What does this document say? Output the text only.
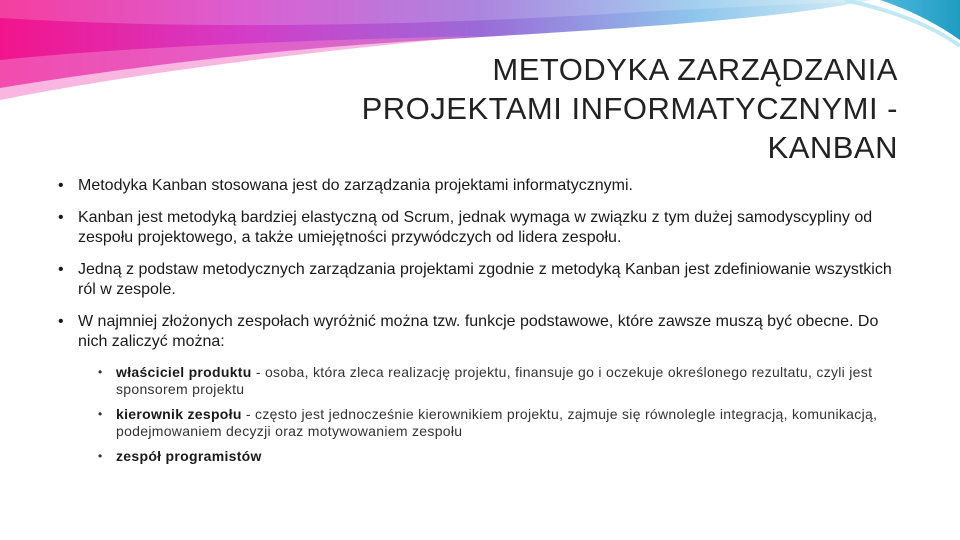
METODYKA ZARZĄDZANIA
PROJEKTAMI INFORMATYCZNYMI -
KANBAN
• Metodyka Kanban stosowana jest do zarządzania projektami informatycznymi.
• Kanban jest metodyką bardziej elastyczną od Scrum, jednak wymaga w związku z tym dużej samodyscypliny od zespołu projektowego, a także umiejętności przywódczych od lidera zespołu.
• Jedną z podstaw metodycznych zarządzania projektami zgodnie z metodyką Kanban jest zdefiniowanie wszystkich ról w zespole.
• W najmniej złożonych zespołach wyróżnić można tzw. funkcje podstawowe, które zawsze muszą być obecne. Do nich zaliczyć można:
• właściciel produktu - osoba, która zleca realizację projektu, finansuje go i oczekuje określonego rezultatu, czyli jest sponsorem projektu
• kierownik zespołu - często jest jednocześnie kierownikiem projektu, zajmuje się równolegle integracją, komunikacją, podejmowaniem decyzji oraz motywowaniem zespołu
• zespół programistów
